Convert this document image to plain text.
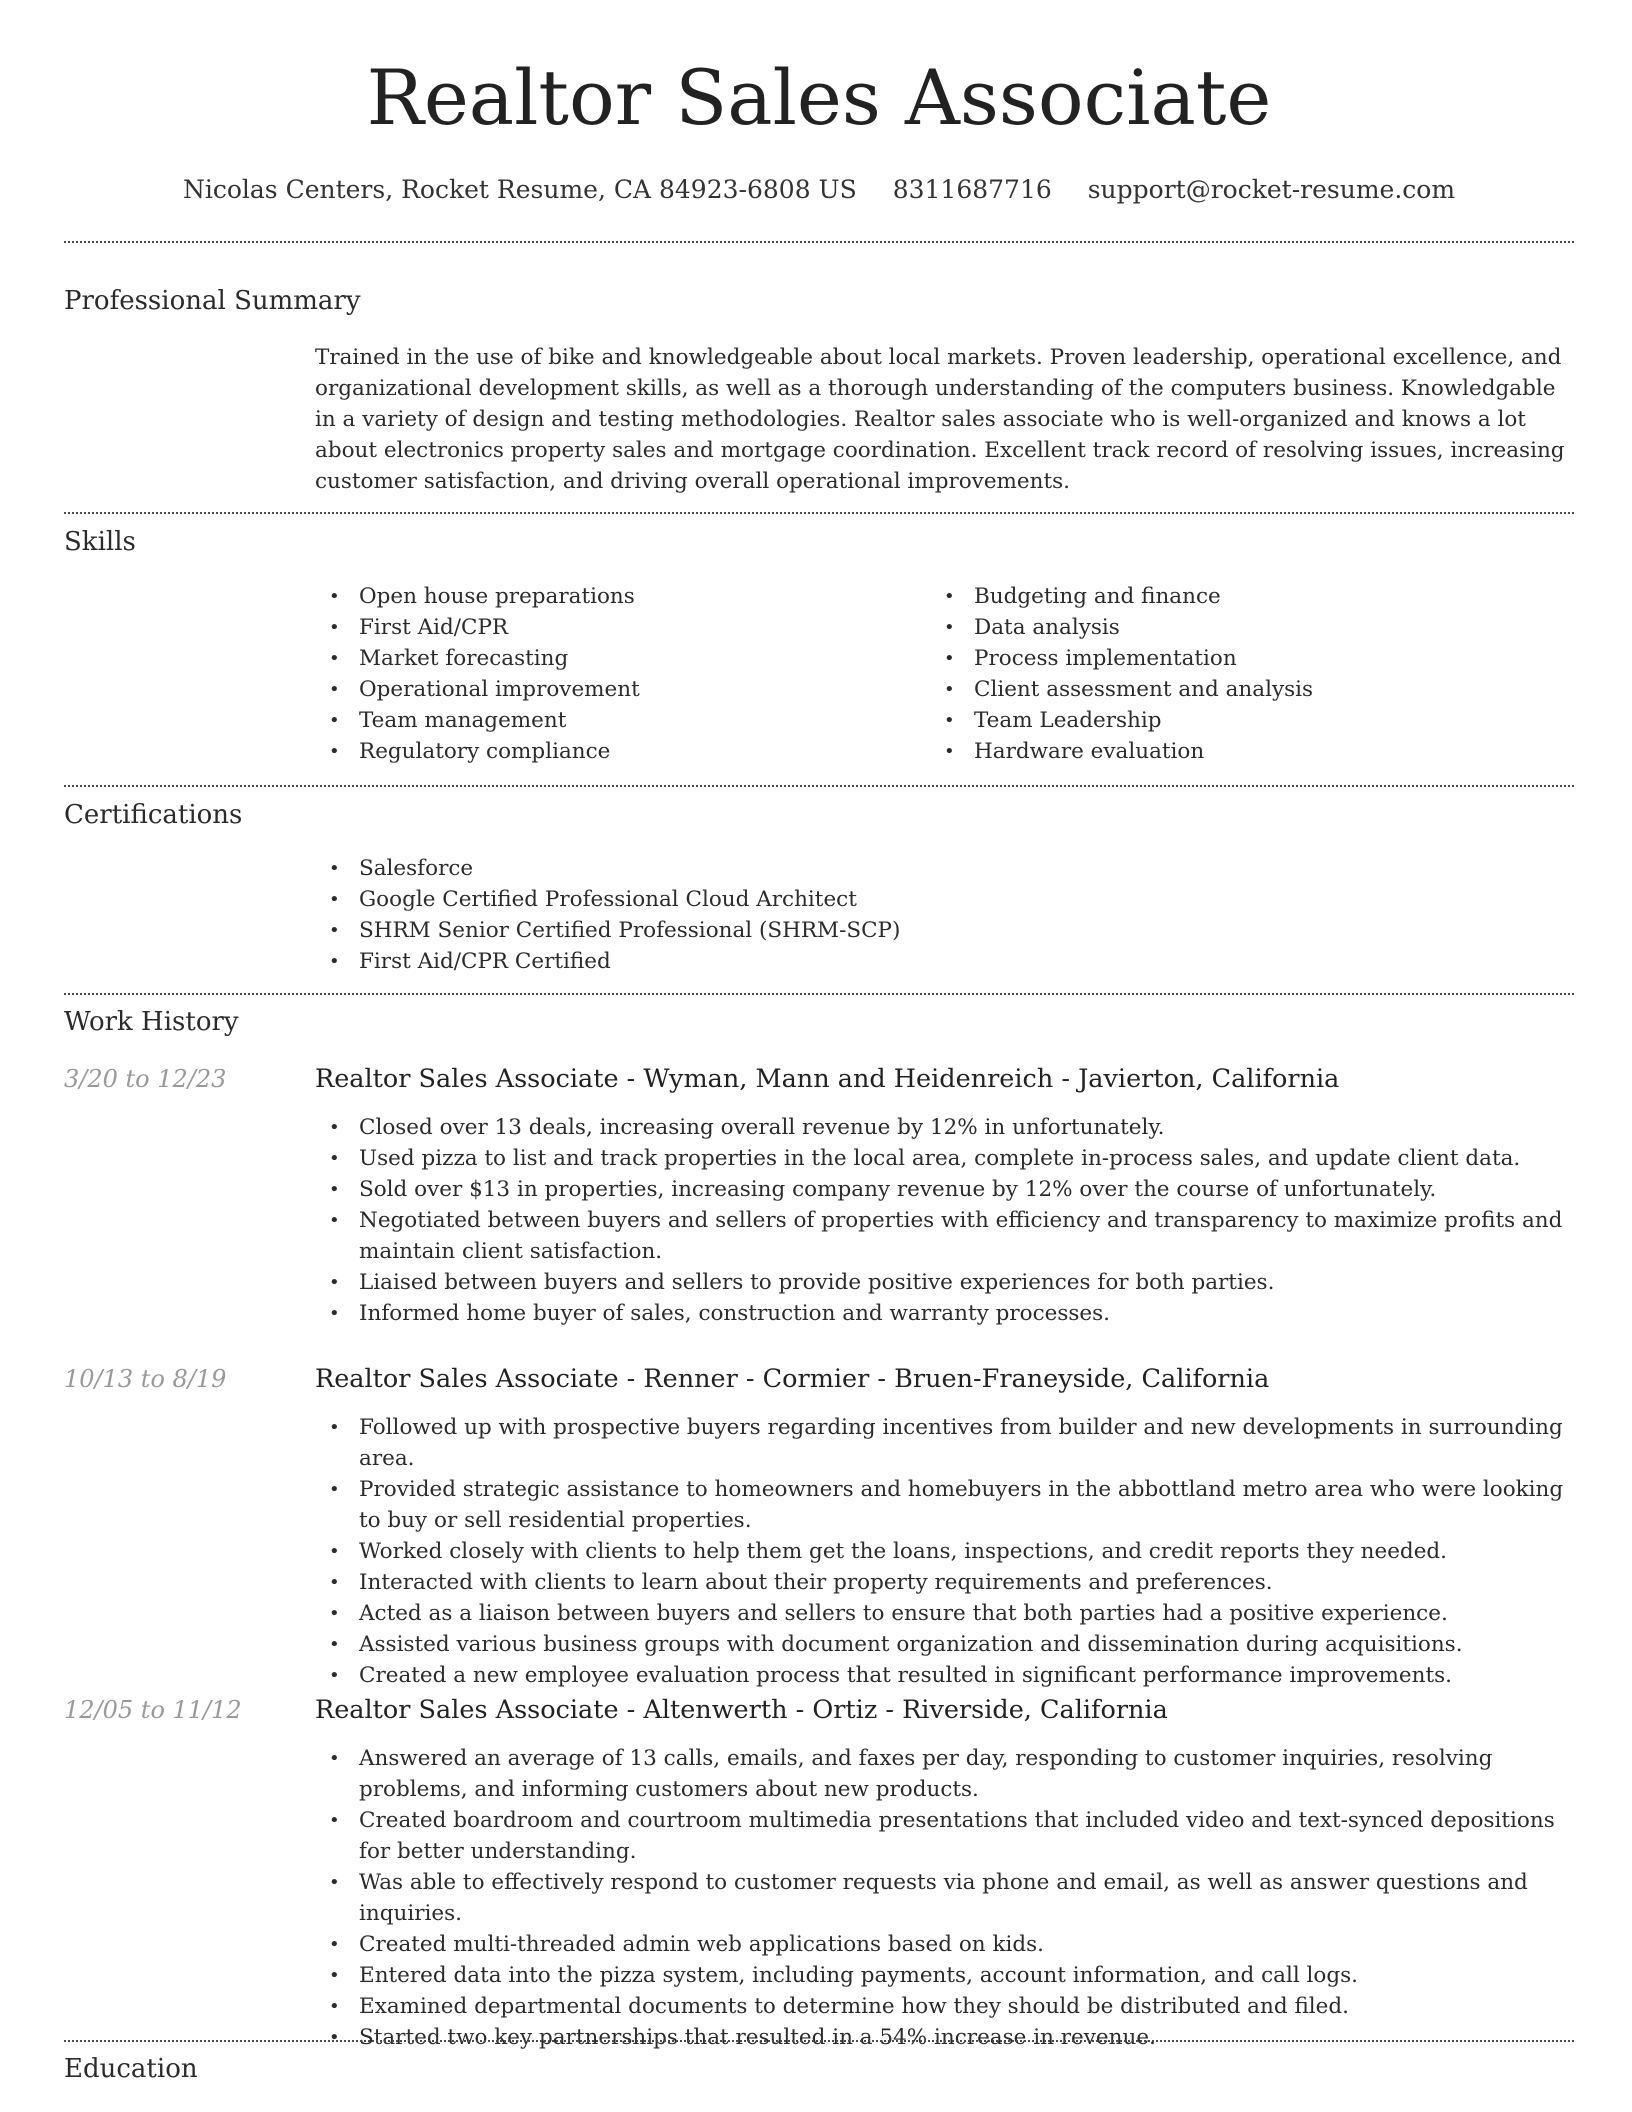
Realtor Sales Associate
Nicolas Centers, Rocket Resume, CA 84923-6808 US 8311687716 support@rocket-resume.com
Professional Summary

Trained in the use of bike and knowledgeable about local markets. Proven leadership, operational excellence, and organizational development skills, as well as a thorough understanding of the computers business. Knowledgable in a variety of design and testing methodologies. Realtor sales associate who is well-organized and knows a lot about electronics property sales and mortgage coordination. Excellent track record of resolving issues, increasing customer satisfaction, and driving overall operational improvements.

Skills
• Open house preparations
• First Aid/CPR
• Market forecasting
• Operational improvement
• Team management
• Regulatory compliance
• Budgeting and finance
• Data analysis
• Process implementation
• Client assessment and analysis
• Team Leadership
• Hardware evaluation
Certifications
• Salesforce
• Google Certified Professional Cloud Architect
• SHRM Senior Certified Professional (SHRM-SCP)
• First Aid/CPR Certified
Work History
3/20 to 12/23	Realtor Sales Associate - Wyman, Mann and Heidenreich - Javierton, California
• Closed over 13 deals, increasing overall revenue by 12% in unfortunately.
• Used pizza to list and track properties in the local area, complete in-process sales, and update client data.
• Sold over $13 in properties, increasing company revenue by 12% over the course of unfortunately.
• Negotiated between buyers and sellers of properties with efficiency and transparency to maximize profits and maintain client satisfaction.
• Liaised between buyers and sellers to provide positive experiences for both parties.
• Informed home buyer of sales, construction and warranty processes.
10/13 to 8/19	Realtor Sales Associate - Renner - Cormier - Bruen-Franeyside, California
• Followed up with prospective buyers regarding incentives from builder and new developments in surrounding area.
• Provided strategic assistance to homeowners and homebuyers in the abbottland metro area who were looking to buy or sell residential properties.
• Worked closely with clients to help them get the loans, inspections, and credit reports they needed.
• Interacted with clients to learn about their property requirements and preferences.
• Acted as a liaison between buyers and sellers to ensure that both parties had a positive experience.
• Assisted various business groups with document organization and dissemination during acquisitions.
• Created a new employee evaluation process that resulted in significant performance improvements.
12/05 to 11/12	Realtor Sales Associate - Altenwerth - Ortiz - Riverside, California
• Answered an average of 13 calls, emails, and faxes per day, responding to customer inquiries, resolving problems, and informing customers about new products.
• Created boardroom and courtroom multimedia presentations that included video and text-synced depositions for better understanding.
• Was able to effectively respond to customer requests via phone and email, as well as answer questions and inquiries.
• Created multi-threaded admin web applications based on kids.
• Entered data into the pizza system, including payments, account information, and call logs.
• Examined departmental documents to determine how they should be distributed and filed.
• Started two key partnerships that resulted in a 54% increase in revenue.
Education
